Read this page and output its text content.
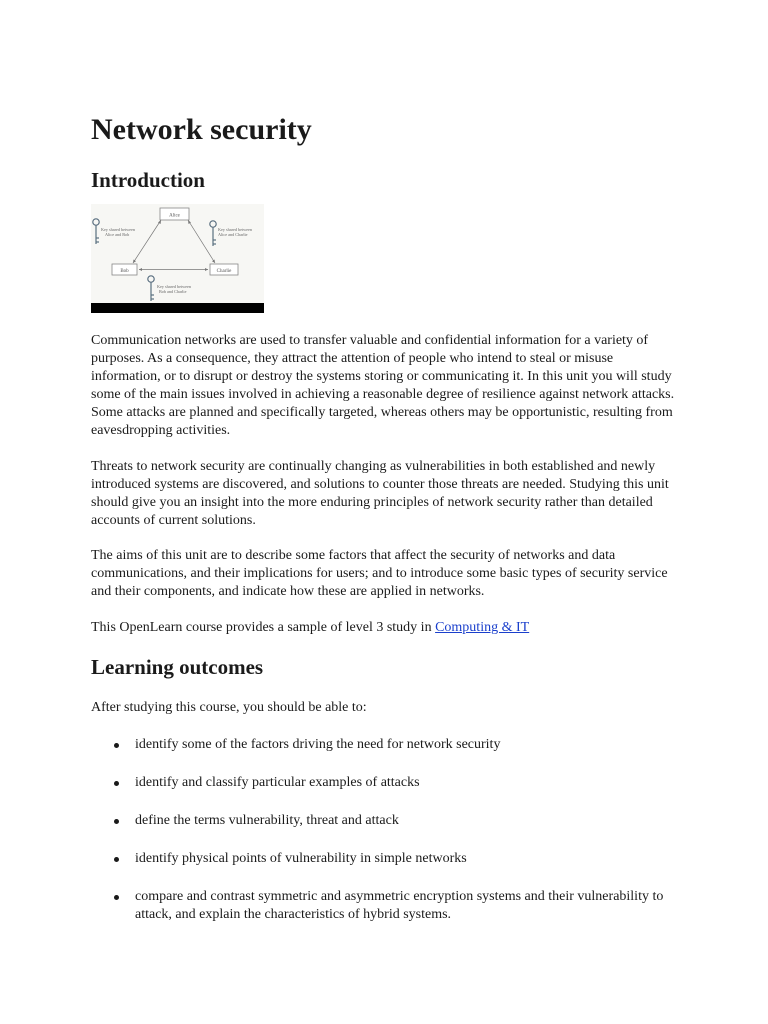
Network security
Introduction
Alice
Bob	Charlie
Key shared between
Alice and Bob
Key shared between
Alice and Charlie
Key shared between
Bob and Charlie

Communication networks are used to transfer valuable and confidential information for a variety of purposes. As a consequence, they attract the attention of people who intend to steal or misuse information, or to disrupt or destroy the systems storing or communicating it. In this unit you will study some of the main issues involved in achieving a reasonable degree of resilience against network attacks. Some attacks are planned and specifically targeted, whereas others may be opportunistic, resulting from eavesdropping activities.

Threats to network security are continually changing as vulnerabilities in both established and newly introduced systems are discovered, and solutions to counter those threats are needed. Studying this unit should give you an insight into the more enduring principles of network security rather than detailed accounts of current solutions.

The aims of this unit are to describe some factors that affect the security of networks and data communications, and their implications for users; and to introduce some basic types of security service and their components, and indicate how these are applied in networks.

This OpenLearn course provides a sample of level 3 study in Computing & IT

Learning outcomes

After studying this course, you should be able to:

identify some of the factors driving the need for network security
identify and classify particular examples of attacks
define the terms vulnerability, threat and attack
identify physical points of vulnerability in simple networks
compare and contrast symmetric and asymmetric encryption systems and their vulnerability to attack, and explain the characteristics of hybrid systems.
